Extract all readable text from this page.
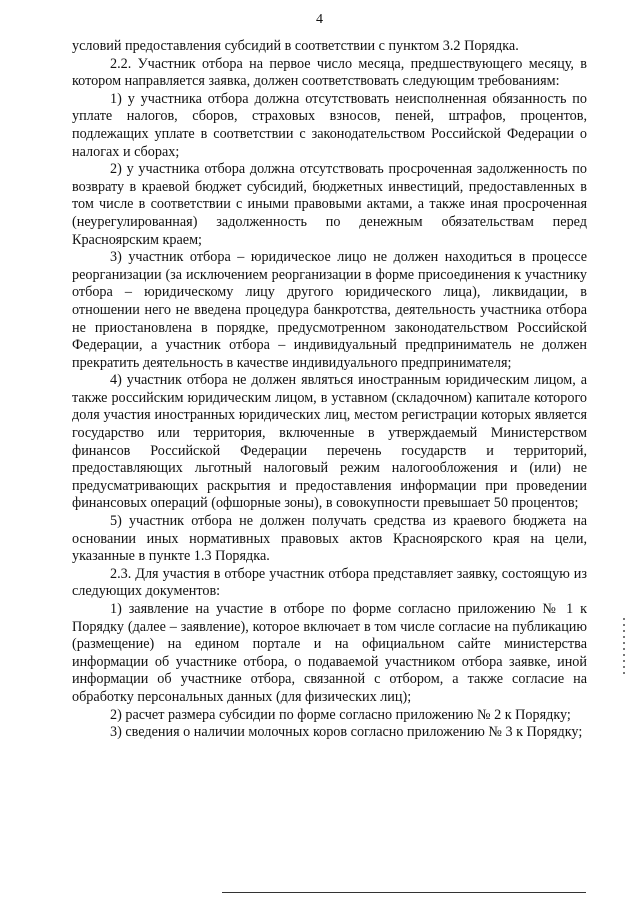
4

условий предоставления субсидий в соответствии с пунктом 3.2 Порядка.

2.2. Участник отбора на первое число месяца, предшествующего месяцу, в котором направляется заявка, должен соответствовать следующим требованиям:

1) у участника отбора должна отсутствовать неисполненная обязанность по уплате налогов, сборов, страховых взносов, пеней, штрафов, процентов, подлежащих уплате в соответствии с законодательством Российской Федерации о налогах и сборах;

2) у участника отбора должна отсутствовать просроченная задолженность по возврату в краевой бюджет субсидий, бюджетных инвестиций, предоставленных в том числе в соответствии с иными правовыми актами, а также иная просроченная (неурегулированная) задолженность по денежным обязательствам перед Красноярским краем;

3) участник отбора – юридическое лицо не должен находиться в процессе реорганизации (за исключением реорганизации в форме присоединения к участнику отбора – юридическому лицу другого юридического лица), ликвидации, в отношении него не введена процедура банкротства, деятельность участника отбора не приостановлена в порядке, предусмотренном законодательством Российской Федерации, а участник отбора – индивидуальный предприниматель не должен прекратить деятельность в качестве индивидуального предпринимателя;

4) участник отбора не должен являться иностранным юридическим лицом, а также российским юридическим лицом, в уставном (складочном) капитале которого доля участия иностранных юридических лиц, местом регистрации которых является государство или территория, включенные в утверждаемый Министерством финансов Российской Федерации перечень государств и территорий, предоставляющих льготный налоговый режим налогообложения и (или) не предусматривающих раскрытия и предоставления информации при проведении финансовых операций (офшорные зоны), в совокупности превышает 50 процентов;

5) участник отбора не должен получать средства из краевого бюджета на основании иных нормативных правовых актов Красноярского края на цели, указанные в пункте 1.3 Порядка.

2.3. Для участия в отборе участник отбора представляет заявку, состоящую из следующих документов:

1) заявление на участие в отборе по форме согласно приложению № 1 к Порядку (далее – заявление), которое включает в том числе согласие на публикацию (размещение) на едином портале и на официальном сайте министерства информации об участнике отбора, о подаваемой участником отбора заявке, иной информации об участнике отбора, связанной с отбором, а также согласие на обработку персональных данных (для физических лиц);

2) расчет размера субсидии по форме согласно приложению № 2 к Порядку;

3) сведения о наличии молочных коров согласно приложению № 3 к Порядку;
